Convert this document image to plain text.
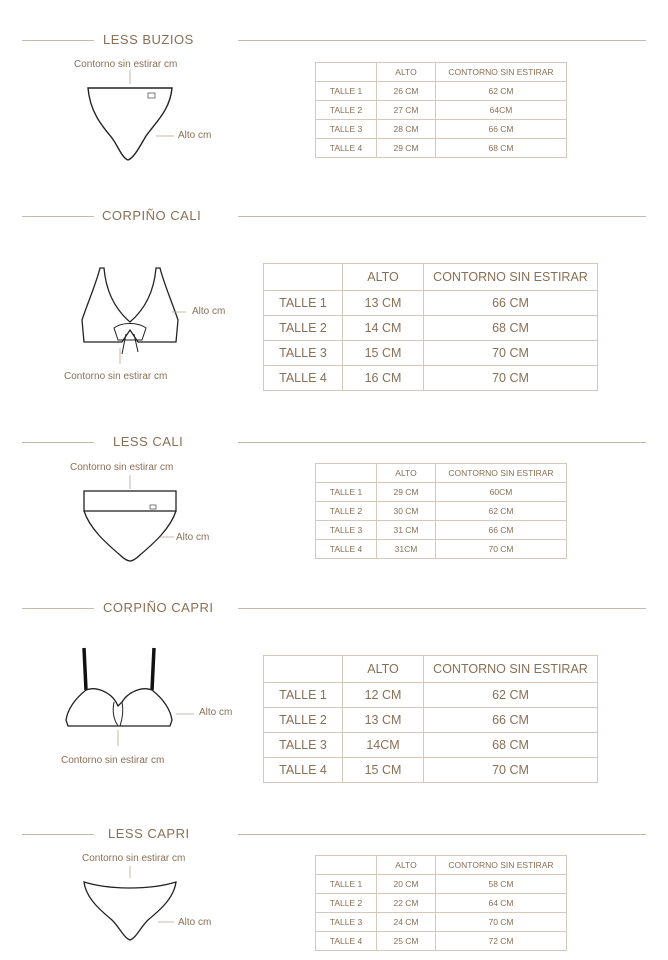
LESS BUZIOS
Contorno sin estirar cm
Alto cm
	ALTO	CONTORNO SIN ESTIRAR
TALLE 1	26 CM	62 CM
TALLE 2	27 CM	64CM
TALLE 3	28 CM	66 CM
TALLE 4	29 CM	68 CM
CORPIÑO CALI
Alto cm
Contorno sin estirar cm
	ALTO	CONTORNO SIN ESTIRAR
TALLE 1	13 CM	66 CM
TALLE 2	14 CM	68 CM
TALLE 3	15 CM	70 CM
TALLE 4	16 CM	70 CM
LESS CALI
Contorno sin estirar cm
Alto cm
	ALTO	CONTORNO SIN ESTIRAR
TALLE 1	29 CM	60CM
TALLE 2	30 CM	62 CM
TALLE 3	31 CM	66 CM
TALLE 4	31CM	70 CM
CORPIÑO CAPRI
Alto cm
Contorno sin estirar cm
	ALTO	CONTORNO SIN ESTIRAR
TALLE 1	12 CM	62 CM
TALLE 2	13 CM	66 CM
TALLE 3	14CM	68 CM
TALLE 4	15 CM	70 CM
LESS CAPRI
Contorno sin estirar cm
Alto cm
	ALTO	CONTORNO SIN ESTIRAR
TALLE 1	20 CM	58 CM
TALLE 2	22 CM	64 CM
TALLE 3	24 CM	70 CM
TALLE 4	25 CM	72 CM
